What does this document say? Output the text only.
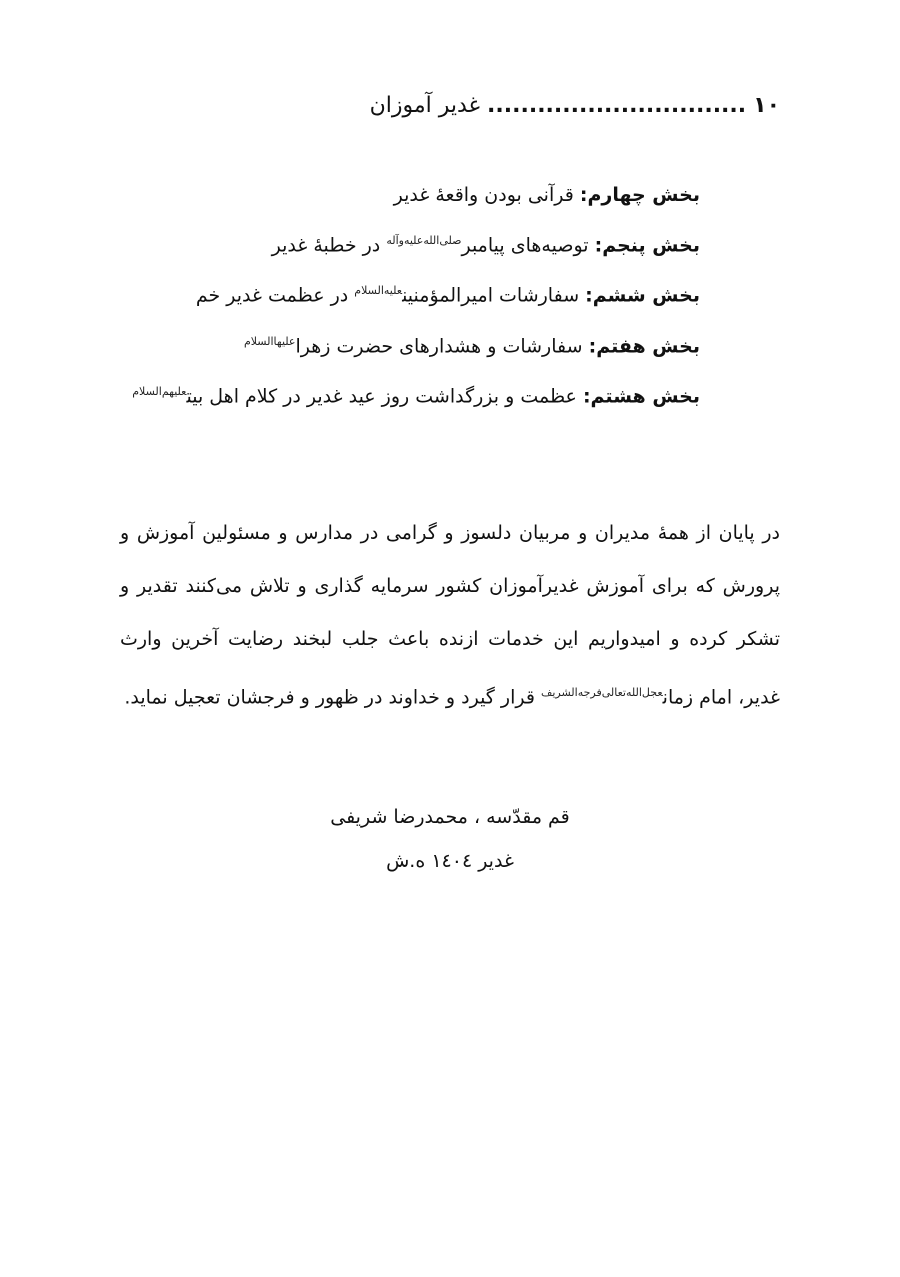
١٠ ............................... غدیر آموزان
بخش چهارم: قرآنی بودن واقعهٔ غدیر
بخش پنجم: توصیه‌های پیامبر$^{صلی‌الله‌علیه‌وآله}$ در خطبهٔ غدیر
بخش ششم: سفارشات امیرالمؤمنین$^{علیه‌السلام}$ در عظمت غدیر خم
بخش هفتم: سفارشات و هشدارهای حضرت زهرا$^{علیهاالسلام}$
بخش هشتم: عظمت و بزرگداشت روز عید غدیر در کلام اهل بیت$^{علیهم‌السلام}$
در پایان از همهٔ مدیران و مربیان دلسوز و گرامی در مدارس و مسئولین آموزش و پرورش که برای آموزش غدیرآموزان کشور سرمایه گذاری و تلاش می‌کنند تقدیر و تشکر کرده و امیدواریم این خدمات ازنده باعث جلب لبخند رضایت آخرین وارث غدیر، امام زمان$^{عجل‌الله‌تعالی‌فرجه‌الشریف}$ قرار گیرد و خداوند در ظهور و فرجشان تعجیل نماید.
قم مقدّسه ، محمدرضا شریفی
غدیر ١٤٠٤ ه.ش
